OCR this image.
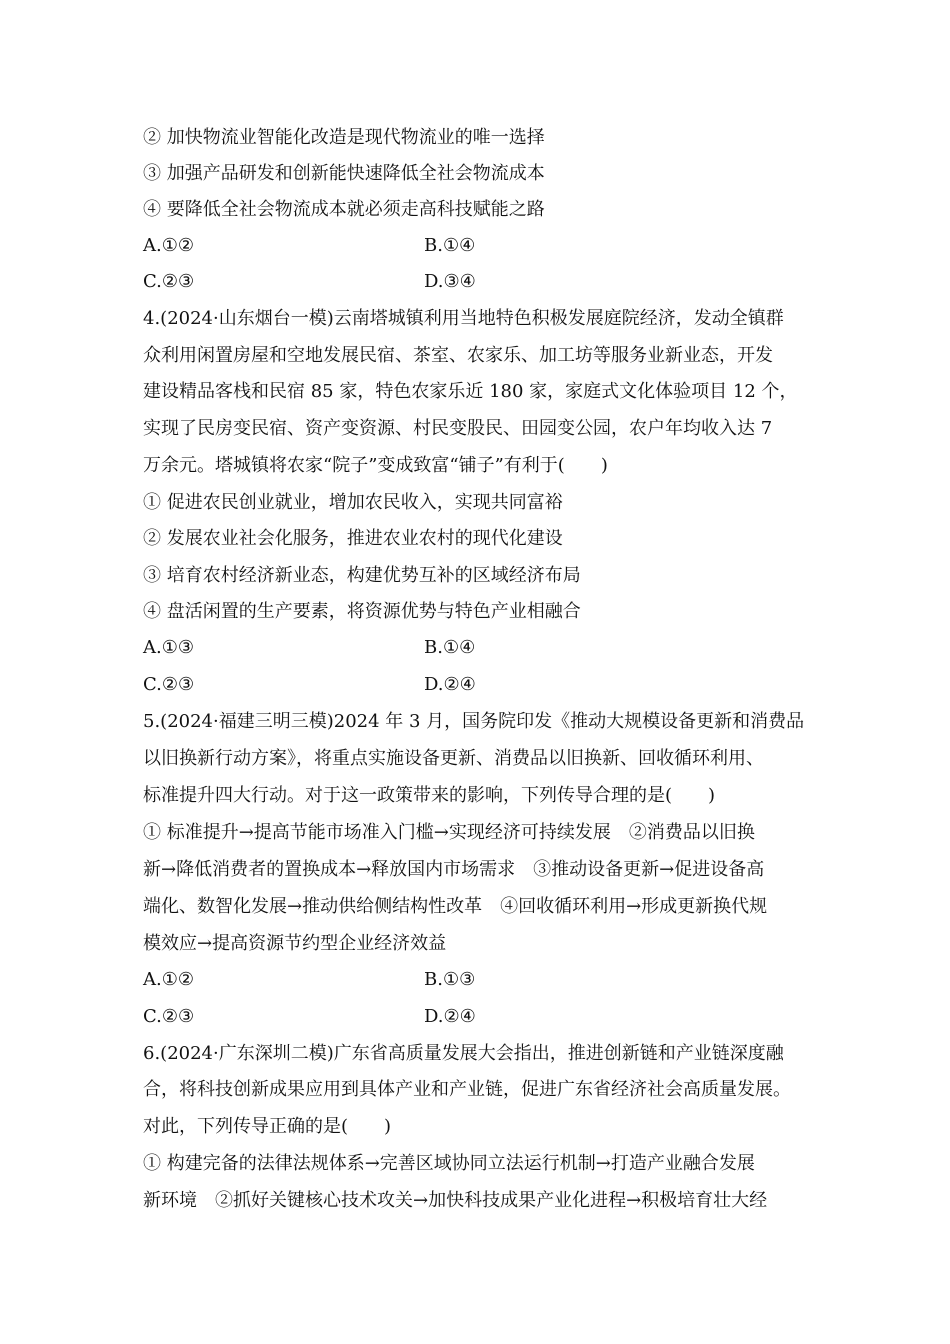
② 加快物流业智能化改造是现代物流业的唯一选择
③ 加强产品研发和创新能快速降低全社会物流成本
④ 要降低全社会物流成本就必须走高科技赋能之路
A.①②	B.①④
C.②③	D.③④
4.(2024·山东烟台一模)云南塔城镇利用当地特色积极发展庭院经济，发动全镇群
众利用闲置房屋和空地发展民宿、茶室、农家乐、加工坊等服务业新业态，开发
建设精品客栈和民宿 85 家，特色农家乐近 180 家，家庭式文化体验项目 12 个，
实现了民房变民宿、资产变资源、村民变股民、田园变公园，农户年均收入达 7
万余元。塔城镇将农家“院子”变成致富“铺子”有利于(　　)
① 促进农民创业就业，增加农民收入，实现共同富裕
② 发展农业社会化服务，推进农业农村的现代化建设
③ 培育农村经济新业态，构建优势互补的区域经济布局
④ 盘活闲置的生产要素，将资源优势与特色产业相融合
A.①③	B.①④
C.②③	D.②④
5.(2024·福建三明三模)2024 年 3 月，国务院印发《推动大规模设备更新和消费品
以旧换新行动方案》，将重点实施设备更新、消费品以旧换新、回收循环利用、
标准提升四大行动。对于这一政策带来的影响，下列传导合理的是(　　)
① 标准提升→提高节能市场准入门槛→实现经济可持续发展　②消费品以旧换
新→降低消费者的置换成本→释放国内市场需求　③推动设备更新→促进设备高
端化、数智化发展→推动供给侧结构性改革　④回收循环利用→形成更新换代规
模效应→提高资源节约型企业经济效益
A.①②	B.①③
C.②③	D.②④
6.(2024·广东深圳二模)广东省高质量发展大会指出，推进创新链和产业链深度融
合，将科技创新成果应用到具体产业和产业链，促进广东省经济社会高质量发展。
对此，下列传导正确的是(　　)
① 构建完备的法律法规体系→完善区域协同立法运行机制→打造产业融合发展
新环境　②抓好关键核心技术攻关→加快科技成果产业化进程→积极培育壮大经
